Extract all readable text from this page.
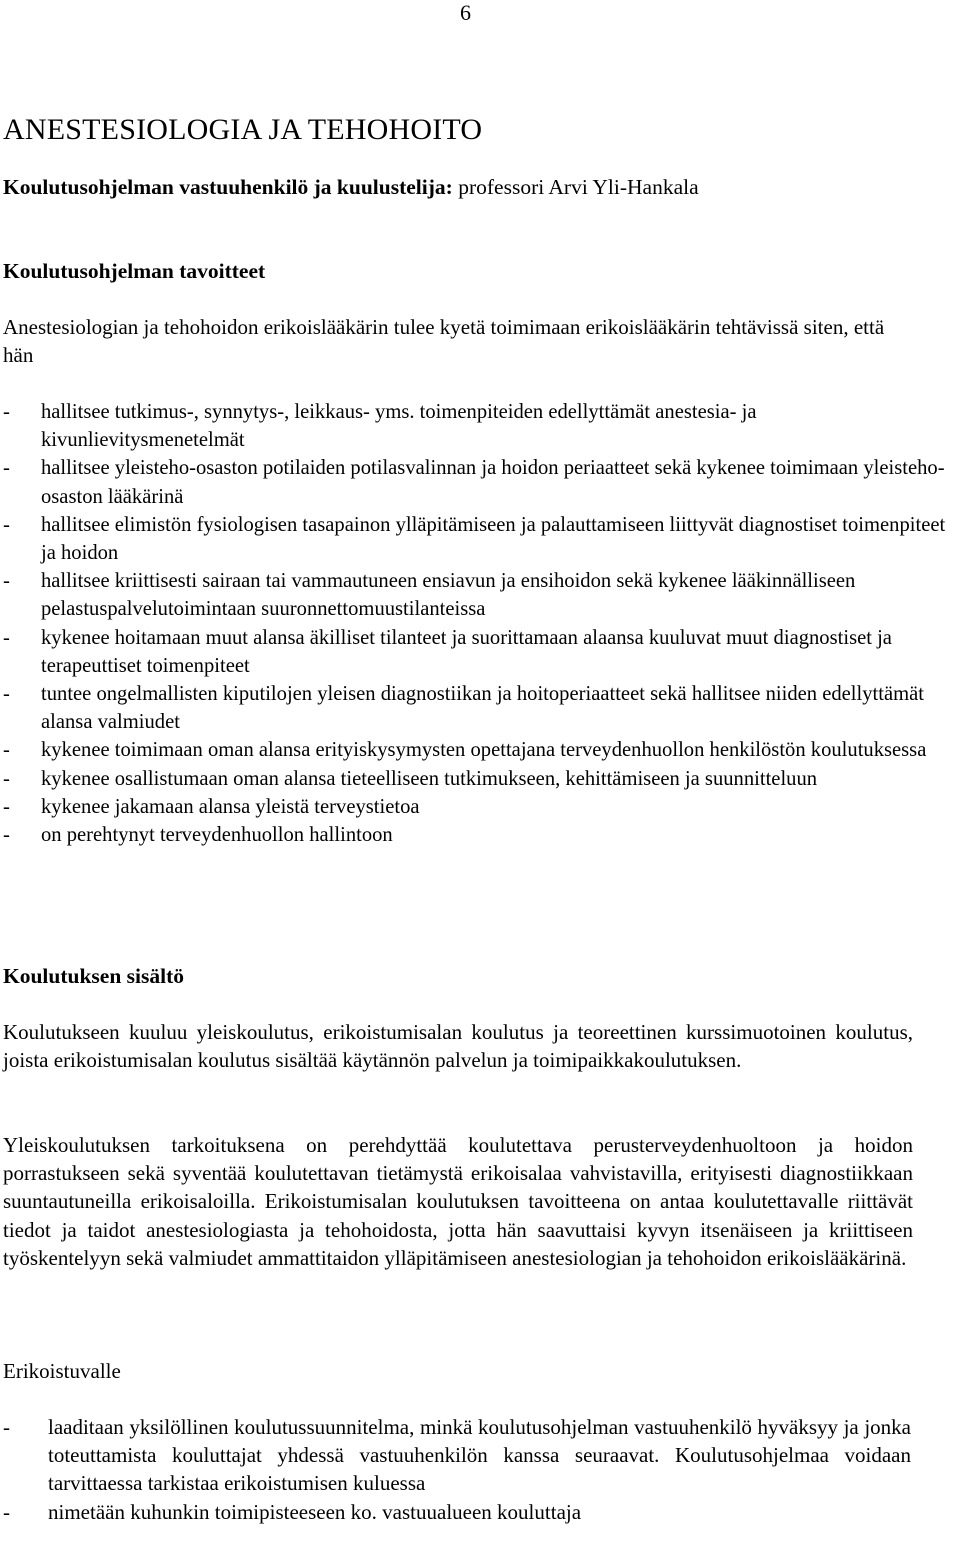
6
ANESTESIOLOGIA JA TEHOHOITO
Koulutusohjelman vastuuhenkilö ja kuulustelija: professori Arvi Yli-Hankala
Koulutusohjelman tavoitteet
Anestesiologian ja tehohoidon erikoislääkärin tulee kyetä toimimaan erikoislääkärin tehtävissä siten, että hän
- hallitsee tutkimus-, synnytys-, leikkaus- yms. toimenpiteiden edellyttämät anestesia- ja kivunlievitysmenetelmät
- hallitsee yleisteho-osaston potilaiden potilasvalinnan ja hoidon periaatteet sekä kykenee toimimaan yleisteho-osaston lääkärinä
- hallitsee elimistön fysiologisen tasapainon ylläpitämiseen ja palauttamiseen liittyvät diagnostiset toimenpiteet ja hoidon
- hallitsee kriittisesti sairaan tai vammautuneen ensiavun ja ensihoidon sekä kykenee lääkinnälliseen pelastuspalvelutoimintaan suuronnettomuustilanteissa
- kykenee hoitamaan muut alansa äkilliset tilanteet ja suorittamaan alaansa kuuluvat muut diagnostiset ja terapeuttiset toimenpiteet
- tuntee ongelmallisten kiputilojen yleisen diagnostiikan ja hoitoperiaatteet sekä hallitsee niiden edellyttämät alansa valmiudet
- kykenee toimimaan oman alansa erityiskysymysten opettajana terveydenhuollon henkilöstön koulutuksessa
- kykenee osallistumaan oman alansa tieteelliseen tutkimukseen, kehittämiseen ja suunnitteluun
- kykenee jakamaan alansa yleistä terveystietoa
- on perehtynyt terveydenhuollon hallintoon
Koulutuksen sisältö
Koulutukseen kuuluu yleiskoulutus, erikoistumisalan koulutus ja teoreettinen kurssimuotoinen koulutus, joista erikoistumisalan koulutus sisältää käytännön palvelun ja toimipaikkakoulutuksen.
Yleiskoulutuksen tarkoituksena on perehdyttää koulutettava perusterveydenhuoltoon ja hoidon porrastukseen sekä syventää koulutettavan tietämystä erikoisalaa vahvistavilla, erityisesti diagnostiikkaan suuntautuneilla erikoisaloilla. Erikoistumisalan koulutuksen tavoitteena on antaa koulutettavalle riittävät tiedot ja taidot anestesiologiasta ja tehohoidosta, jotta hän saavuttaisi kyvyn itsenäiseen ja kriittiseen työskentelyyn sekä valmiudet ammattitaidon ylläpitämiseen anestesiologian ja tehohoidon erikoislääkärinä.
Erikoistuvalle
- laaditaan yksilöllinen koulutussuunnitelma, minkä koulutusohjelman vastuuhenkilö hyväksyy ja jonka toteuttamista kouluttajat yhdessä vastuuhenkilön kanssa seuraavat. Koulutusohjelmaa voidaan tarvittaessa tarkistaa erikoistumisen kuluessa
- nimetään kuhunkin toimipisteeseen ko. vastuualueen kouluttaja
